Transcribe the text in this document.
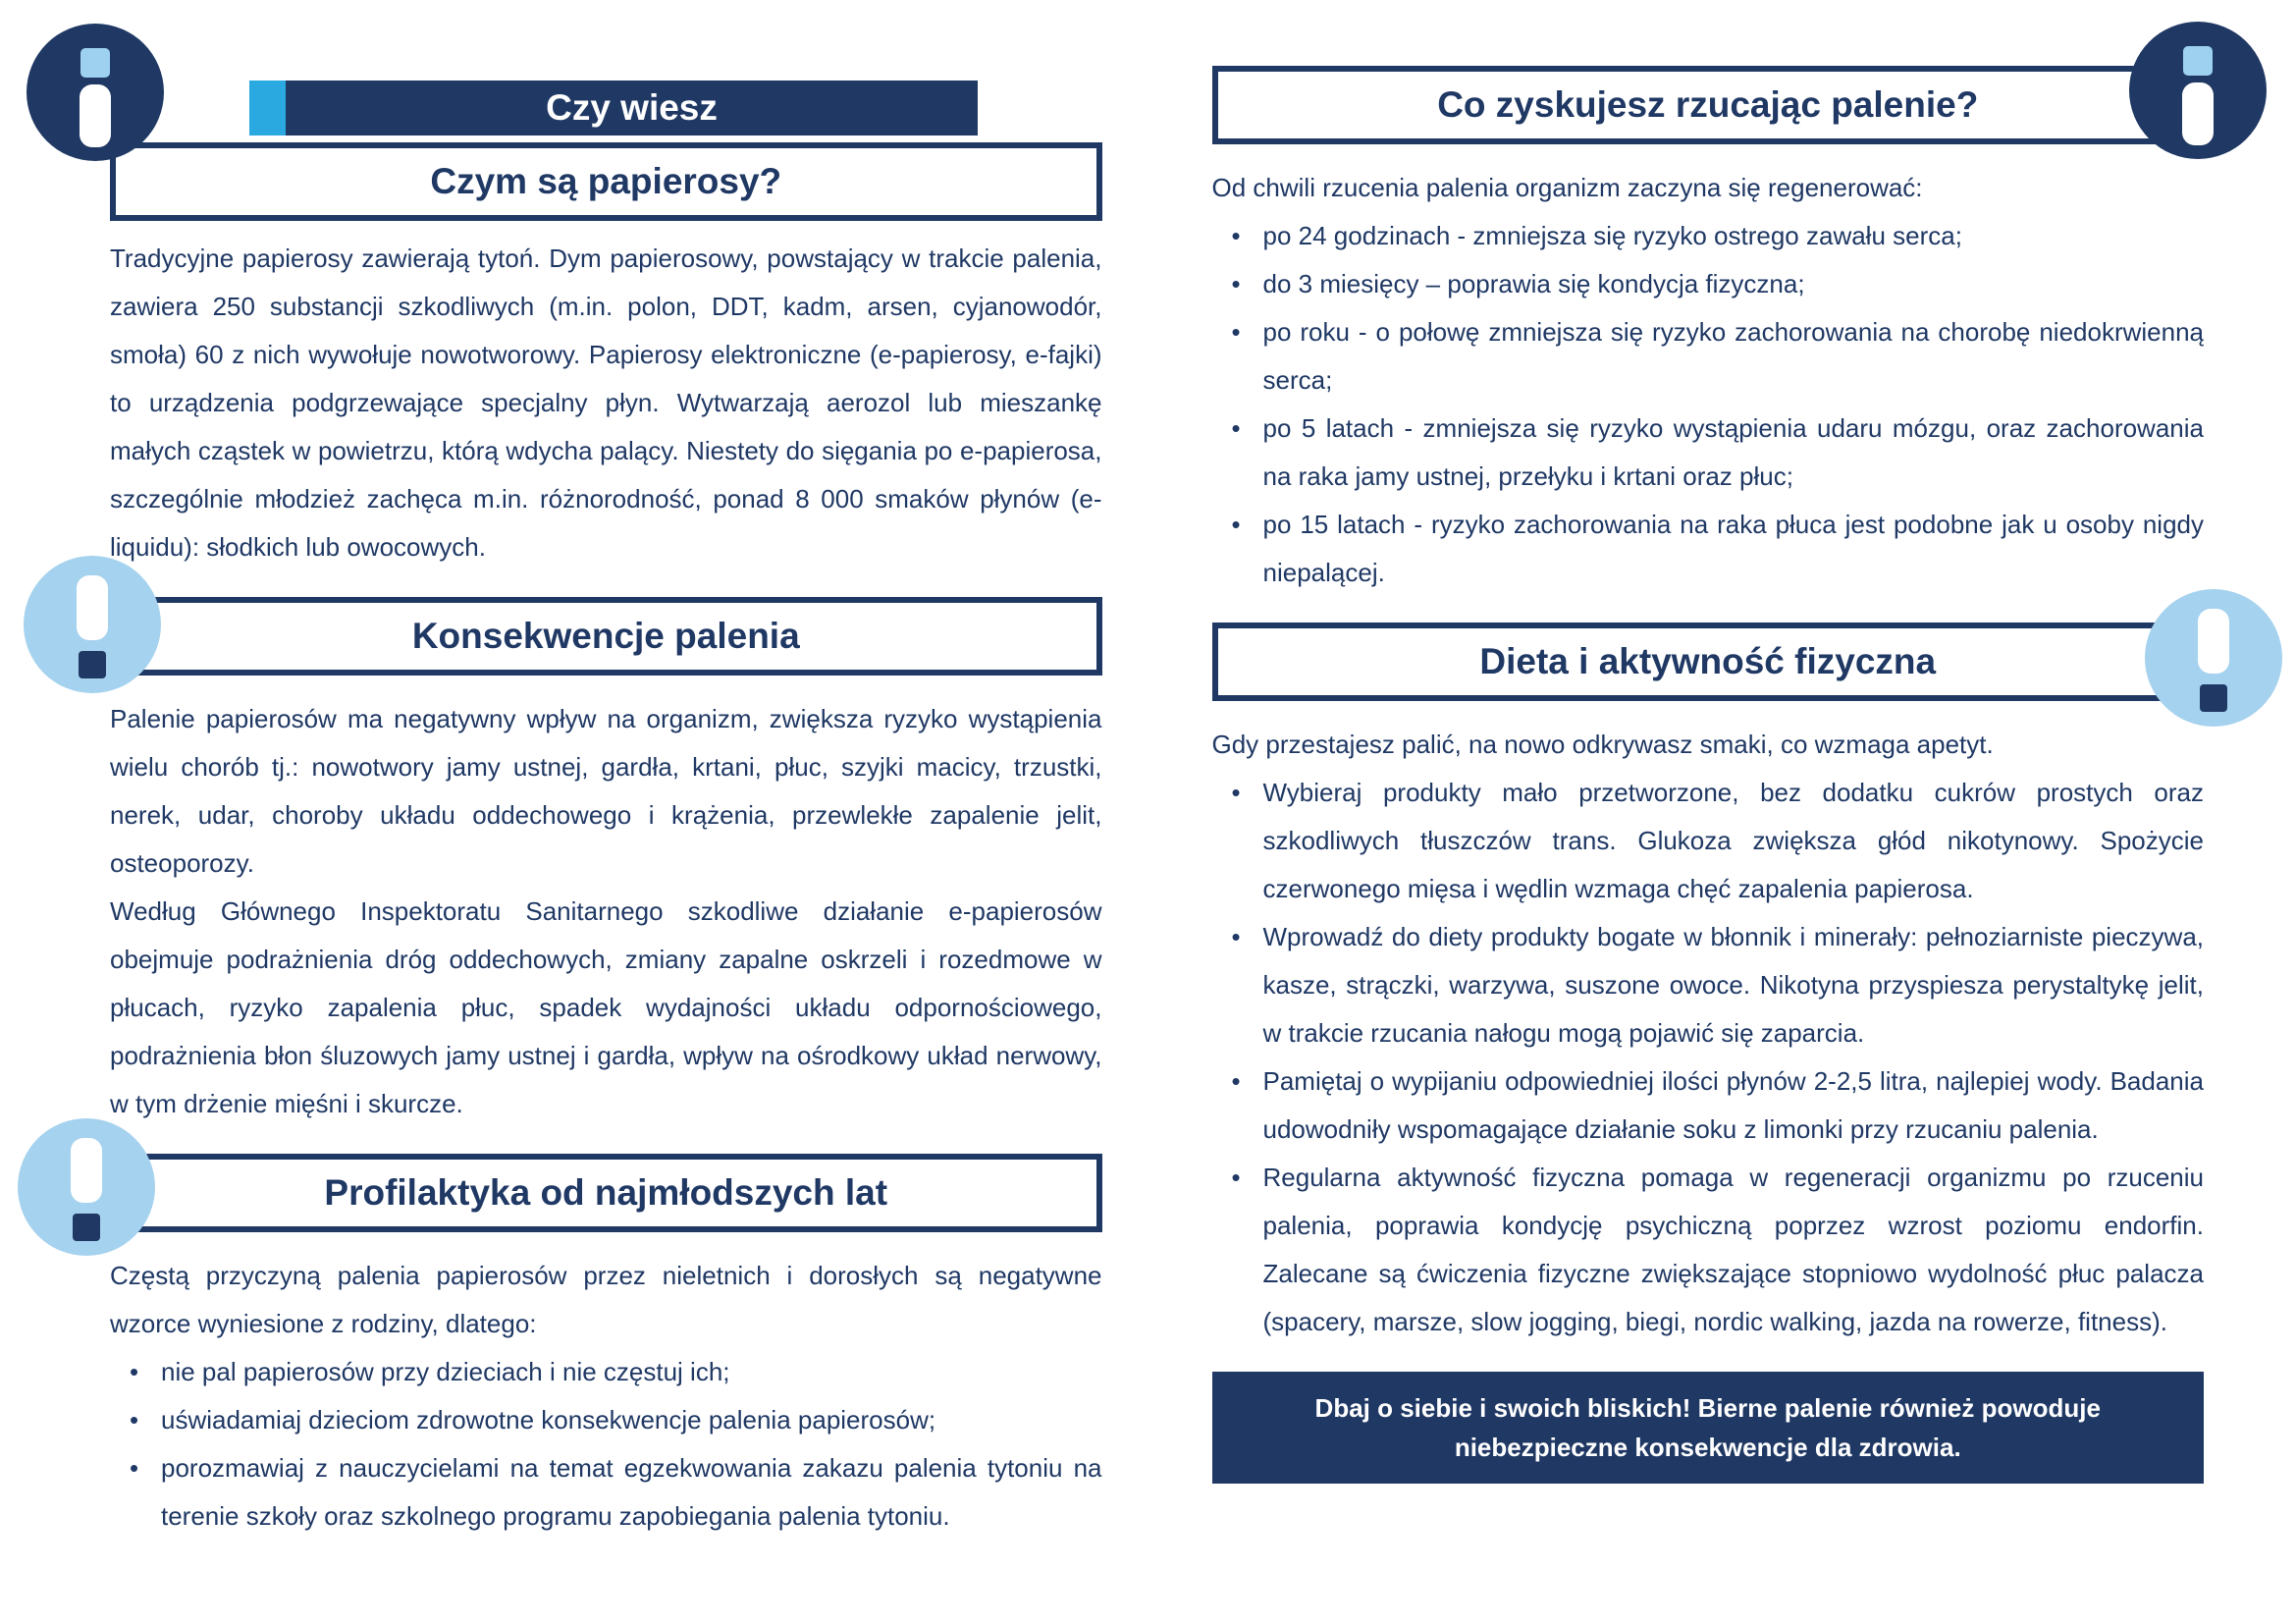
Czy wiesz
Czym są papierosy?

Tradycyjne papierosy zawierają tytoń. Dym papierosowy, powstający w trakcie palenia, zawiera 250 substancji szkodliwych (m.in. polon, DDT, kadm, arsen, cyjanowodór, smoła) 60 z nich wywołuje nowotworowy. Papierosy elektroniczne (e-papierosy, e-fajki) to urządzenia podgrzewające specjalny płyn. Wytwarzają aerozol lub mieszankę małych cząstek w powietrzu, którą wdycha palący. Niestety do sięgania po e-papierosa, szczególnie młodzież zachęca m.in. różnorodność, ponad 8 000 smaków płynów (e-liquidu): słodkich lub owocowych.

Konsekwencje palenia

Palenie papierosów ma negatywny wpływ na organizm, zwiększa ryzyko wystąpienia wielu chorób tj.: nowotwory jamy ustnej, gardła, krtani, płuc, szyjki macicy, trzustki, nerek, udar, choroby układu oddechowego i krążenia, przewlekłe zapalenie jelit, osteoporozy.

Według Głównego Inspektoratu Sanitarnego szkodliwe działanie e-papierosów obejmuje podrażnienia dróg oddechowych, zmiany zapalne oskrzeli i rozedmowe w płucach, ryzyko zapalenia płuc, spadek wydajności układu odpornościowego, podrażnienia błon śluzowych jamy ustnej i gardła, wpływ na ośrodkowy układ nerwowy, w tym drżenie mięśni i skurcze.

Profilaktyka od najmłodszych lat

Częstą przyczyną palenia papierosów przez nieletnich i dorosłych są negatywne wzorce wyniesione z rodziny, dlatego:

• nie pal papierosów przy dzieciach i nie częstuj ich;
• uświadamiaj dzieciom zdrowotne konsekwencje palenia papierosów;
• porozmawiaj z nauczycielami na temat egzekwowania zakazu palenia tytoniu na terenie szkoły oraz szkolnego programu zapobiegania palenia tytoniu.
Co zyskujesz rzucając palenie?

Od chwili rzucenia palenia organizm zaczyna się regenerować:

• po 24 godzinach - zmniejsza się ryzyko ostrego zawału serca;
• do 3 miesięcy – poprawia się kondycja fizyczna;
• po roku - o połowę zmniejsza się ryzyko zachorowania na chorobę niedokrwienną serca;
• po 5 latach - zmniejsza się ryzyko wystąpienia udaru mózgu, oraz zachorowania na raka jamy ustnej, przełyku i krtani oraz płuc;
• po 15 latach - ryzyko zachorowania na raka płuca jest podobne jak u osoby nigdy niepalącej.
Dieta i aktywność fizyczna

Gdy przestajesz palić, na nowo odkrywasz smaki, co wzmaga apetyt.

• Wybieraj produkty mało przetworzone, bez dodatku cukrów prostych oraz szkodliwych tłuszczów trans. Glukoza zwiększa głód nikotynowy. Spożycie czerwonego mięsa i wędlin wzmaga chęć zapalenia papierosa.
• Wprowadź do diety produkty bogate w błonnik i minerały: pełnoziarniste pieczywa, kasze, strączki, warzywa, suszone owoce. Nikotyna przyspiesza perystaltykę jelit, w trakcie rzucania nałogu mogą pojawić się zaparcia.
• Pamiętaj o wypijaniu odpowiedniej ilości płynów 2-2,5 litra, najlepiej wody. Badania udowodniły wspomagające działanie soku z limonki przy rzucaniu palenia.
• Regularna aktywność fizyczna pomaga w regeneracji organizmu po rzuceniu palenia, poprawia kondycję psychiczną poprzez wzrost poziomu endorfin. Zalecane są ćwiczenia fizyczne zwiększające stopniowo wydolność płuc palacza (spacery, marsze, slow jogging, biegi, nordic walking, jazda na rowerze, fitness).
Dbaj o siebie i swoich bliskich! Bierne palenie również powoduje niebezpieczne konsekwencje dla zdrowia.
